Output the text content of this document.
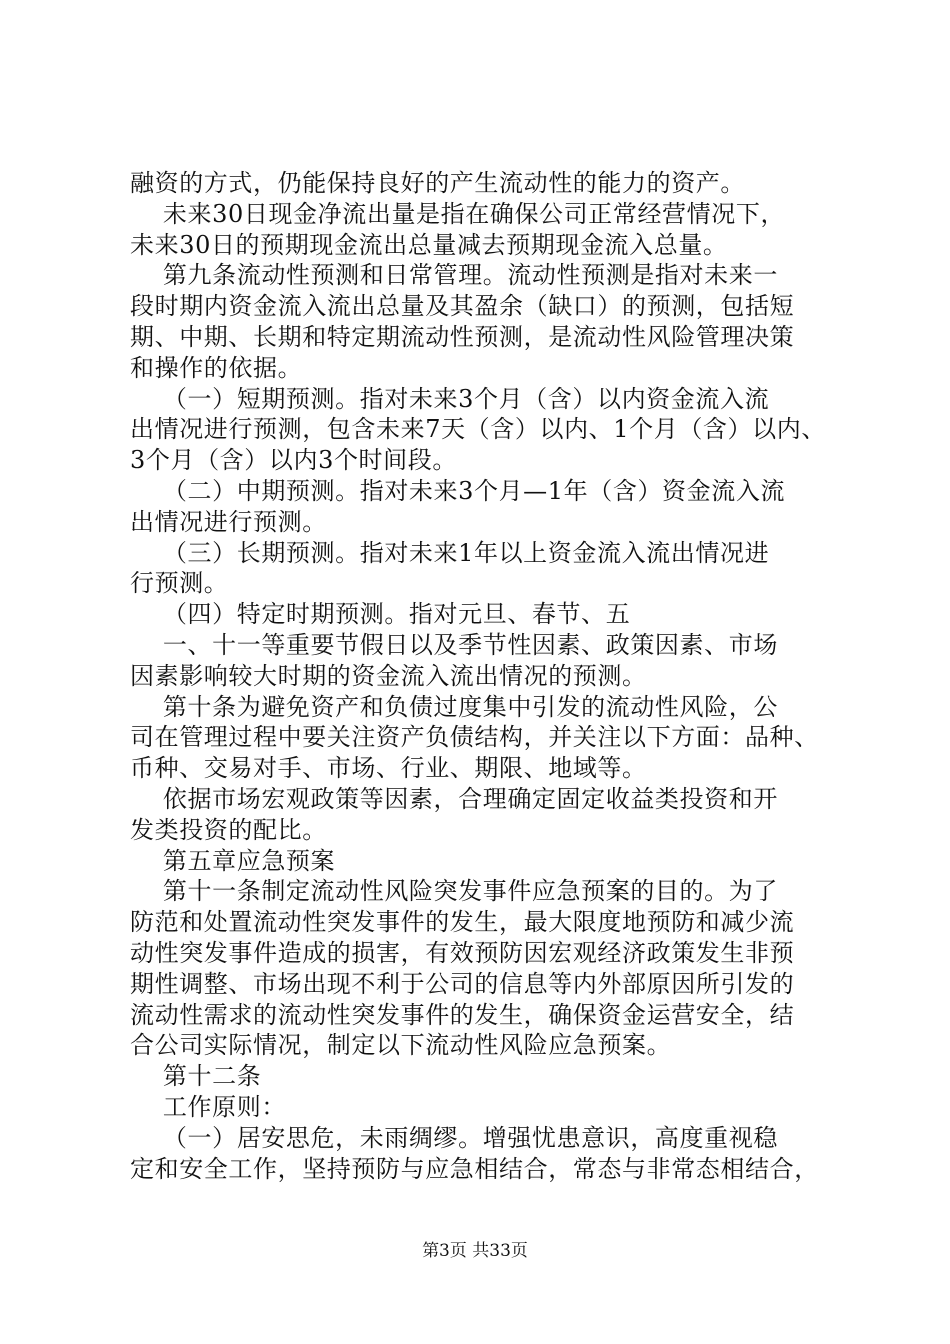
融资的方式，仍能保持良好的产生流动性的能力的资产。
未来30日现金净流出量是指在确保公司正常经营情况下，
未来30日的预期现金流出总量减去预期现金流入总量。
第九条流动性预测和日常管理。流动性预测是指对未来一
段时期内资金流入流出总量及其盈余（缺口）的预测，包括短
期、中期、长期和特定期流动性预测，是流动性风险管理决策
和操作的依据。
（一）短期预测。指对未来3个月（含）以内资金流入流
出情况进行预测，包含未来7天（含）以内、1个月（含）以内、
3个月（含）以内3个时间段。
（二）中期预测。指对未来3个月—1年（含）资金流入流
出情况进行预测。
（三）长期预测。指对未来1年以上资金流入流出情况进
行预测。
（四）特定时期预测。指对元旦、春节、五
一、十一等重要节假日以及季节性因素、政策因素、市场
因素影响较大时期的资金流入流出情况的预测。
第十条为避免资产和负债过度集中引发的流动性风险，公
司在管理过程中要关注资产负债结构，并关注以下方面：品种、
币种、交易对手、市场、行业、期限、地域等。
依据市场宏观政策等因素，合理确定固定收益类投资和开
发类投资的配比。
第五章应急预案
第十一条制定流动性风险突发事件应急预案的目的。为了
防范和处置流动性突发事件的发生，最大限度地预防和减少流
动性突发事件造成的损害，有效预防因宏观经济政策发生非预
期性调整、市场出现不利于公司的信息等内外部原因所引发的
流动性需求的流动性突发事件的发生，确保资金运营安全，结
合公司实际情况，制定以下流动性风险应急预案。
第十二条
工作原则：
（一）居安思危，未雨绸缪。增强忧患意识，高度重视稳
定和安全工作，坚持预防与应急相结合，常态与非常态相结合，
第3页 共33页
